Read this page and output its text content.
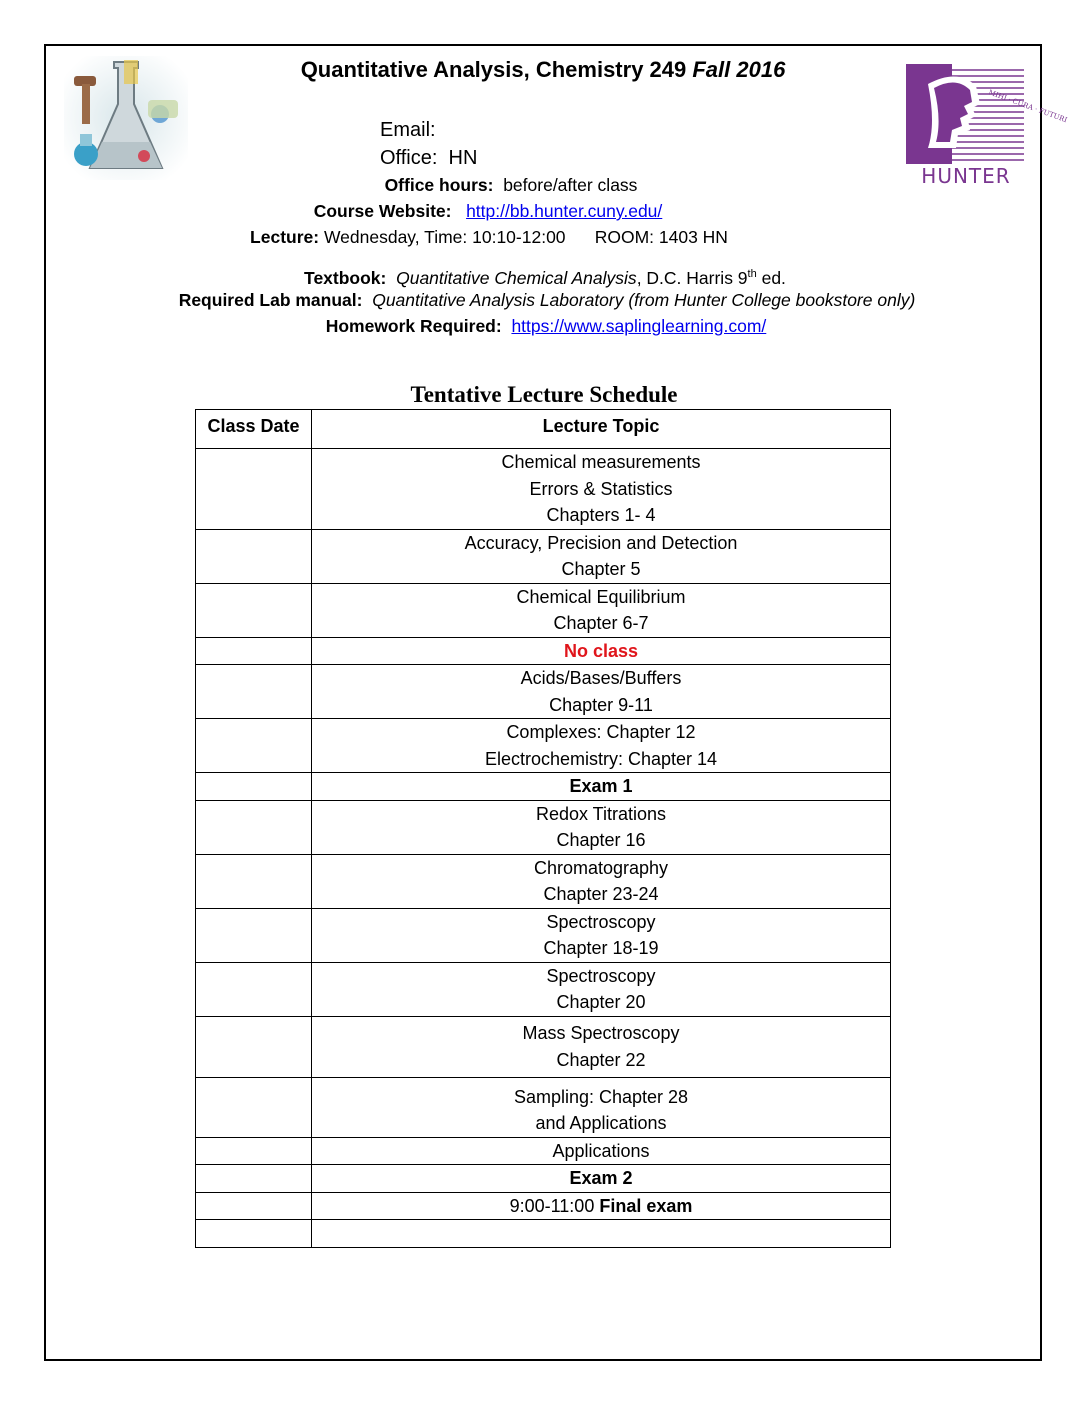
MIHI · CURA · FUTURI
HUNTER
Quantitative Analysis, Chemistry 249 Fall 2016
Email:
Office:  HN
Office hours:  before/after class
Course Website: http://bb.hunter.cuny.edu/
Lecture: Wednesday, Time: 10:10-12:00      ROOM: 1403 HN
Textbook: Quantitative Chemical Analysis, D.C. Harris 9th ed.
Required Lab manual: Quantitative Analysis Laboratory (from Hunter College bookstore only)
Homework Required: https://www.saplinglearning.com/
Tentative Lecture Schedule
Class Date	Lecture Topic

	Chemical measurements
Errors & Statistics
Chapters 1- 4

	Accuracy, Precision and Detection
Chapter 5

	Chemical Equilibrium
Chapter 6-7

	No class

	Acids/Bases/Buffers
Chapter 9-11

	Complexes: Chapter 12
Electrochemistry: Chapter 14

	Exam 1

	Redox Titrations
Chapter 16

	Chromatography
Chapter 23-24

	Spectroscopy
Chapter 18-19

	Spectroscopy
Chapter 20

	Mass Spectroscopy
Chapter 22

	Sampling: Chapter 28
and Applications

	Applications

	Exam 2

	9:00-11:00 Final exam
